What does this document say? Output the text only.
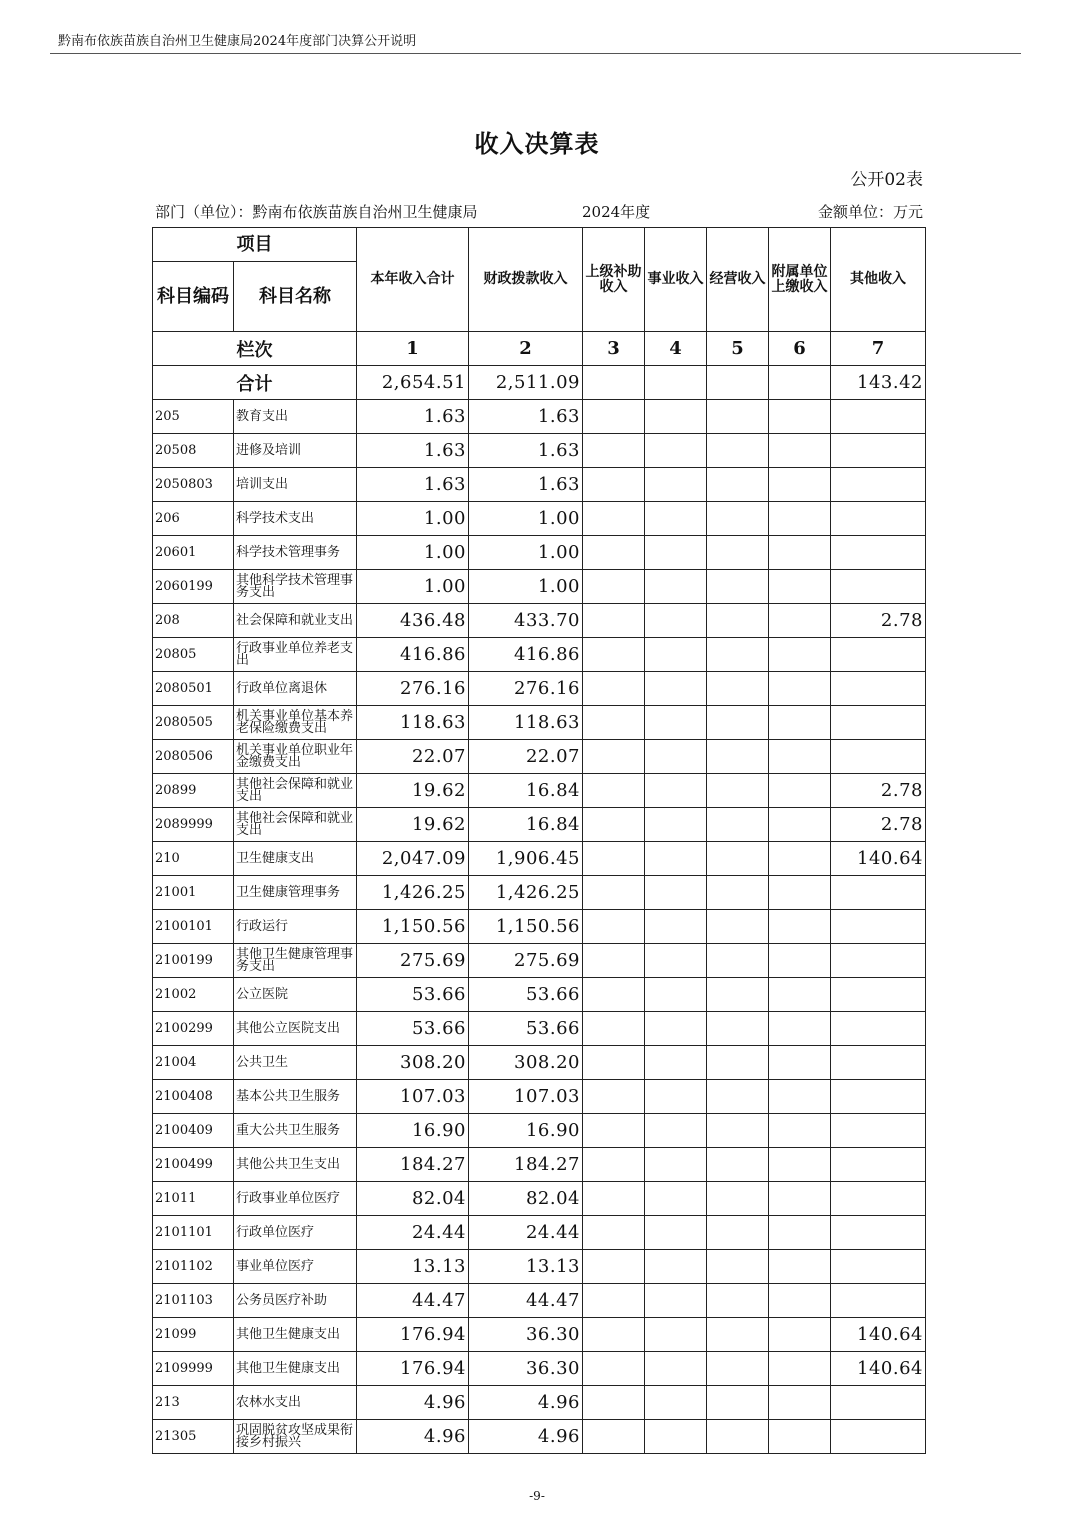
黔南布依族苗族自治州卫生健康局2024年度部门决算公开说明
收入决算表
公开02表
部门（单位）：黔南布依族苗族自治州卫生健康局	2024年度	金额单位：万元
项目		本年收入合计	财政拨款收入	上级补助收入	事业收入	经营收入	附属单位上缴收入	其他收入
科目编码	科目名称							
栏次		1	2	3	4	5	6	7
合计		2,654.51	2,511.09					143.42
205	教育支出	1.63	1.63					
20508	进修及培训	1.63	1.63					
2050803	培训支出	1.63	1.63					
206	科学技术支出	1.00	1.00					
20601	科学技术管理事务	1.00	1.00					
2060199	其他科学技术管理事务支出	1.00	1.00					
208	社会保障和就业支出	436.48	433.70					2.78
20805	行政事业单位养老支出	416.86	416.86					
2080501	行政单位离退休	276.16	276.16					
2080505	机关事业单位基本养老保险缴费支出	118.63	118.63					
2080506	机关事业单位职业年金缴费支出	22.07	22.07					
20899	其他社会保障和就业支出	19.62	16.84					2.78
2089999	其他社会保障和就业支出	19.62	16.84					2.78
210	卫生健康支出	2,047.09	1,906.45					140.64
21001	卫生健康管理事务	1,426.25	1,426.25					
2100101	行政运行	1,150.56	1,150.56					
2100199	其他卫生健康管理事务支出	275.69	275.69					
21002	公立医院	53.66	53.66					
2100299	其他公立医院支出	53.66	53.66					
21004	公共卫生	308.20	308.20					
2100408	基本公共卫生服务	107.03	107.03					
2100409	重大公共卫生服务	16.90	16.90					
2100499	其他公共卫生支出	184.27	184.27					
21011	行政事业单位医疗	82.04	82.04					
2101101	行政单位医疗	24.44	24.44					
2101102	事业单位医疗	13.13	13.13					
2101103	公务员医疗补助	44.47	44.47					
21099	其他卫生健康支出	176.94	36.30					140.64
2109999	其他卫生健康支出	176.94	36.30					140.64
213	农林水支出	4.96	4.96					
21305	巩固脱贫攻坚成果衔接乡村振兴	4.96	4.96					
-9-
